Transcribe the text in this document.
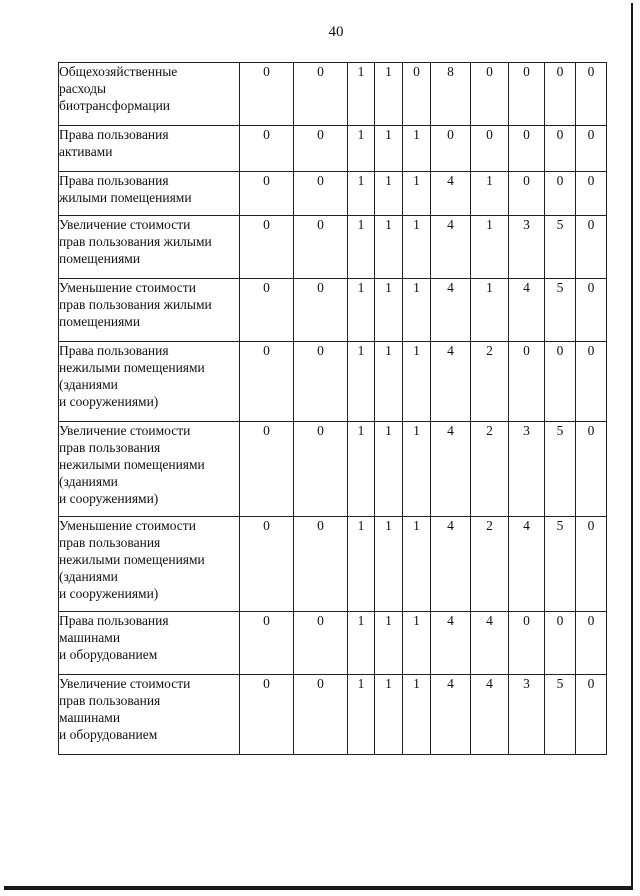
40
Общехозяйственные
расходы
биотрансформации	0	0	1	1	0	8	0	0	0	0
Права пользования
активами	0	0	1	1	1	0	0	0	0	0
Права пользования
жилыми помещениями	0	0	1	1	1	4	1	0	0	0
Увеличение стоимости
прав пользования жилыми
помещениями	0	0	1	1	1	4	1	3	5	0
Уменьшение стоимости
прав пользования жилыми
помещениями	0	0	1	1	1	4	1	4	5	0
Права пользования
нежилыми помещениями
(зданиями
и сооружениями)	0	0	1	1	1	4	2	0	0	0
Увеличение стоимости
прав пользования
нежилыми помещениями
(зданиями
и сооружениями)	0	0	1	1	1	4	2	3	5	0
Уменьшение стоимости
прав пользования
нежилыми помещениями
(зданиями
и сооружениями)	0	0	1	1	1	4	2	4	5	0
Права пользования
машинами
и оборудованием	0	0	1	1	1	4	4	0	0	0
Увеличение стоимости
прав пользования
машинами
и оборудованием	0	0	1	1	1	4	4	3	5	0
